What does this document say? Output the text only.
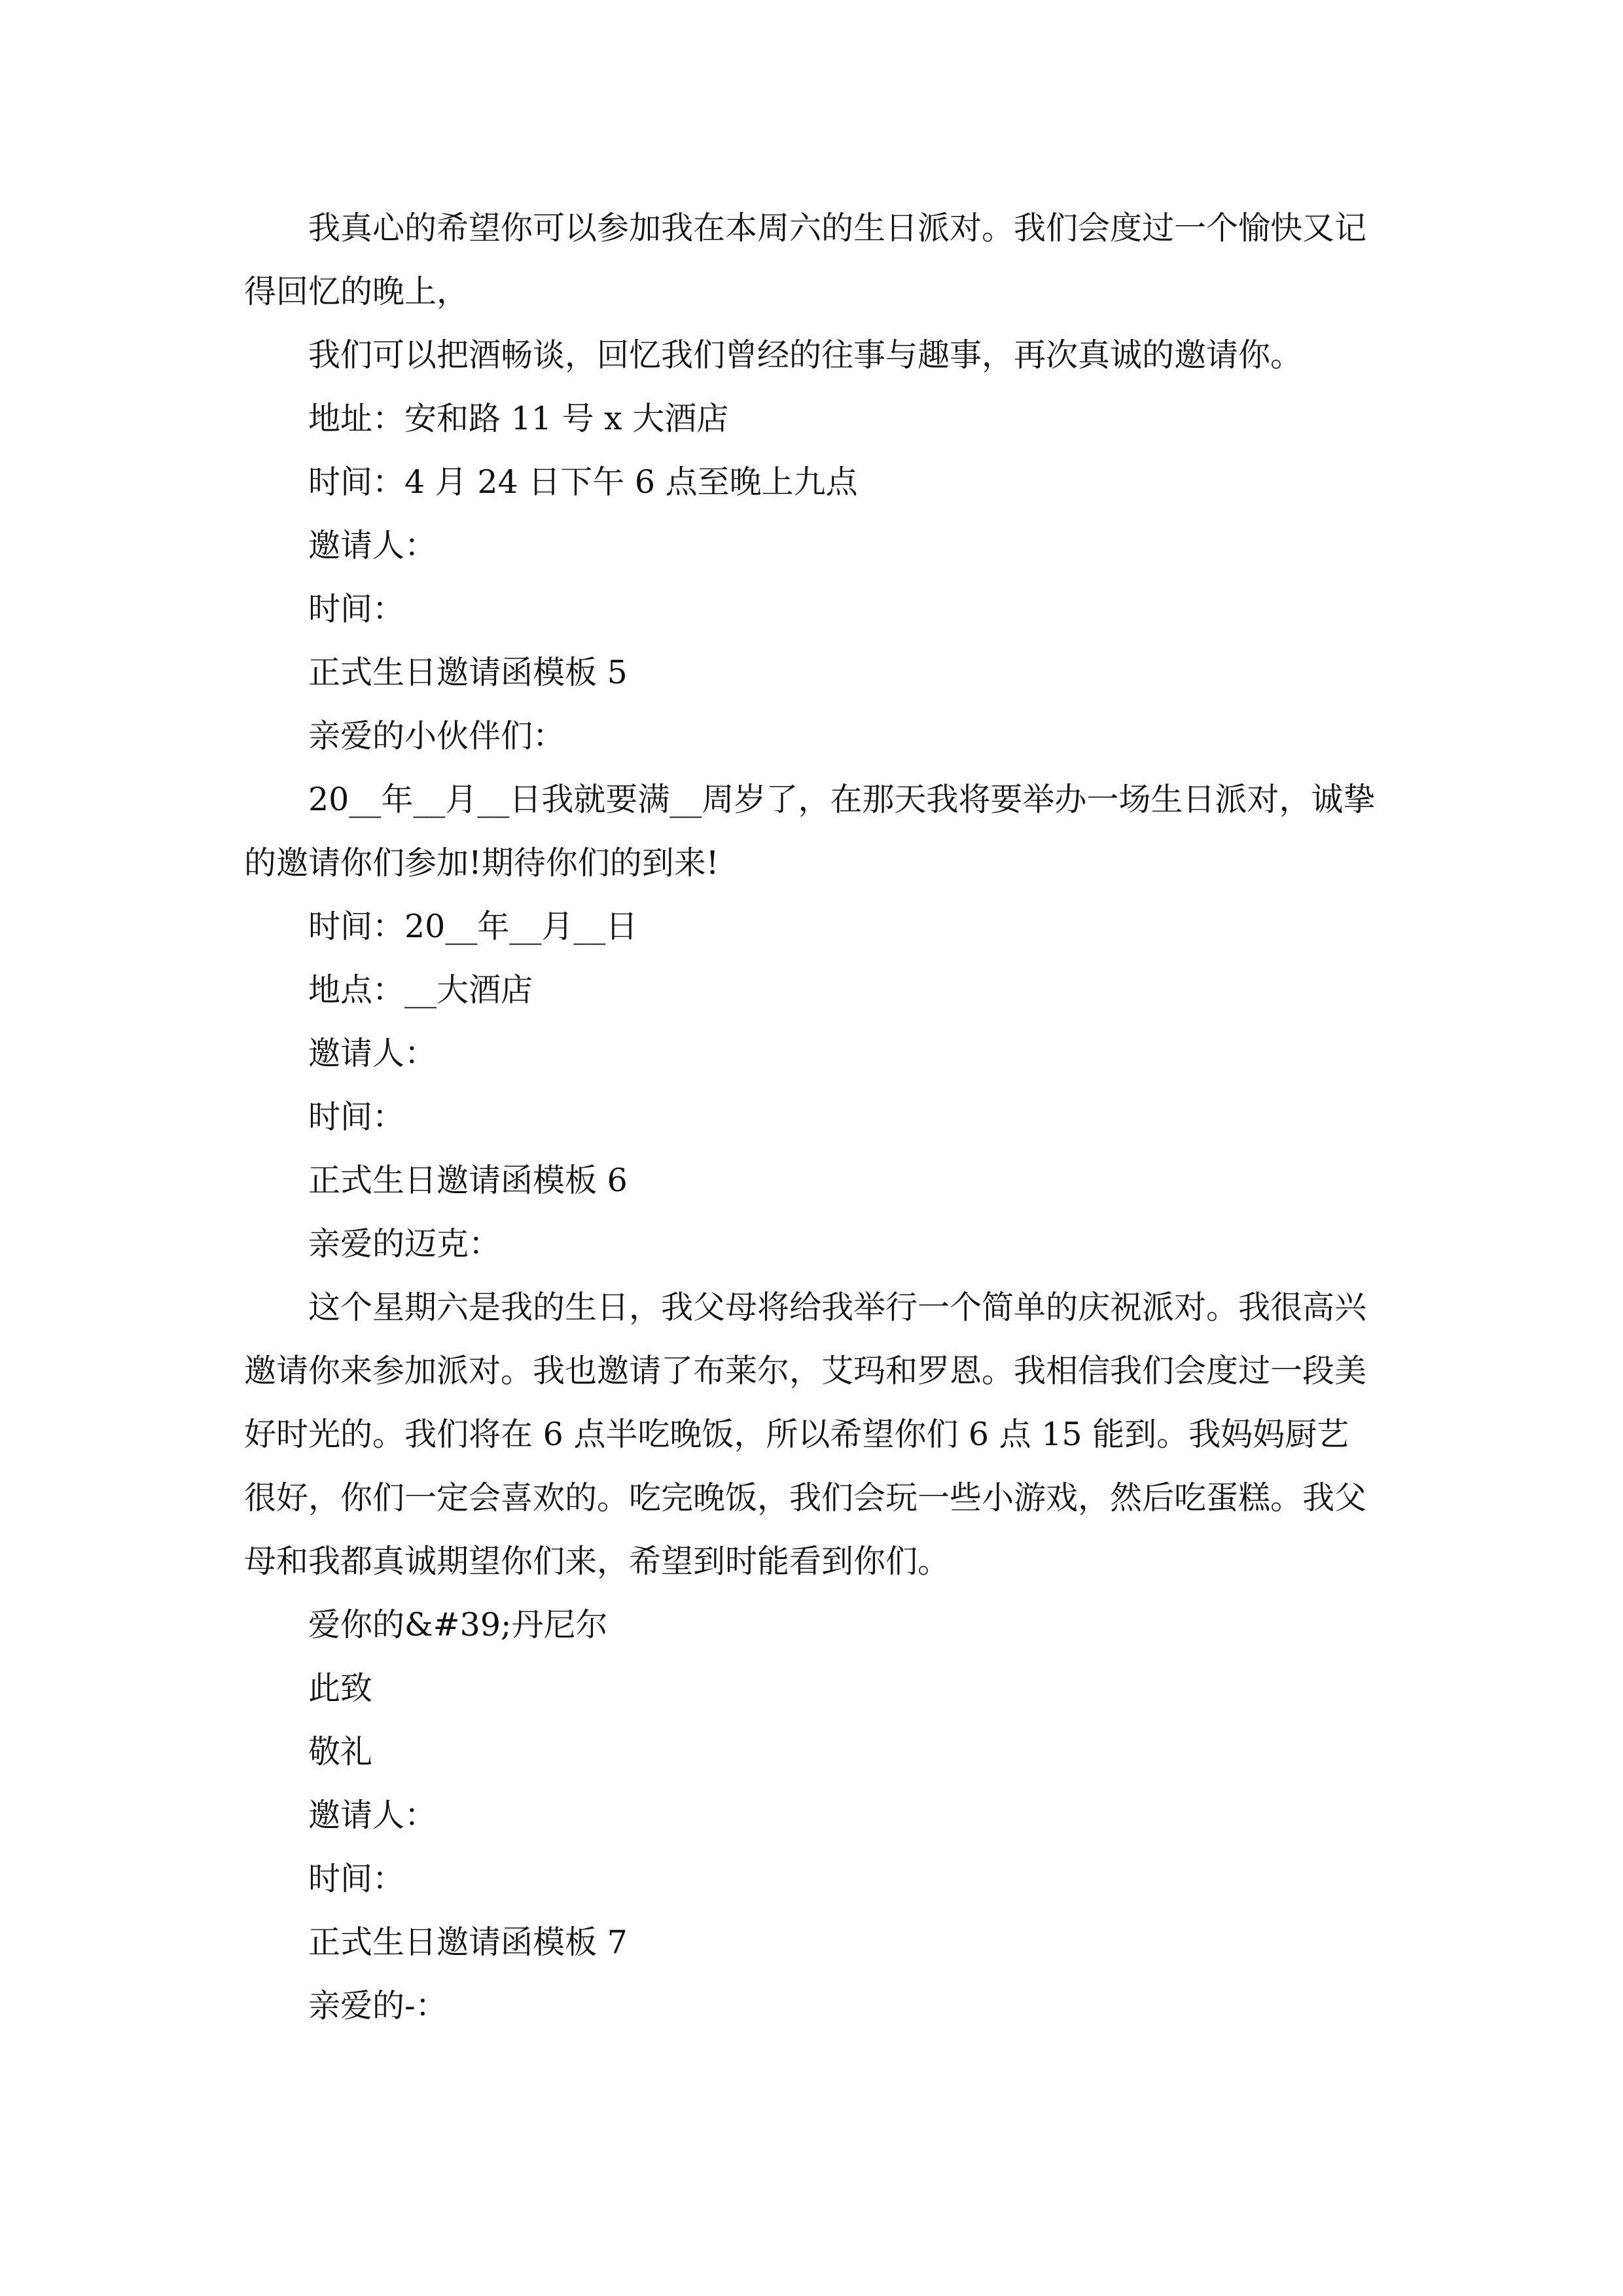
我真心的希望你可以参加我在本周六的生日派对。我们会度过一个愉快又记得回忆的晚上，

我们可以把酒畅谈，回忆我们曾经的往事与趣事，再次真诚的邀请你。

地址：安和路 11 号 x 大酒店

时间：4 月 24 日下午 6 点至晚上九点

邀请人：

时间：

正式生日邀请函模板 5

亲爱的小伙伴们：

20__年__月__日我就要满__周岁了，在那天我将要举办一场生日派对，诚挚的邀请你们参加!期待你们的到来!

时间：20__年__月__日

地点：__大酒店

邀请人：

时间：

正式生日邀请函模板 6

亲爱的迈克：

这个星期六是我的生日，我父母将给我举行一个简单的庆祝派对。我很高兴邀请你来参加派对。我也邀请了布莱尔，艾玛和罗恩。我相信我们会度过一段美好时光的。我们将在 6 点半吃晚饭，所以希望你们 6 点 15 能到。我妈妈厨艺很好，你们一定会喜欢的。吃完晚饭，我们会玩一些小游戏，然后吃蛋糕。我父母和我都真诚期望你们来，希望到时能看到你们。

爱你的&#39;丹尼尔

此致

敬礼

邀请人：

时间：

正式生日邀请函模板 7

亲爱的-：
